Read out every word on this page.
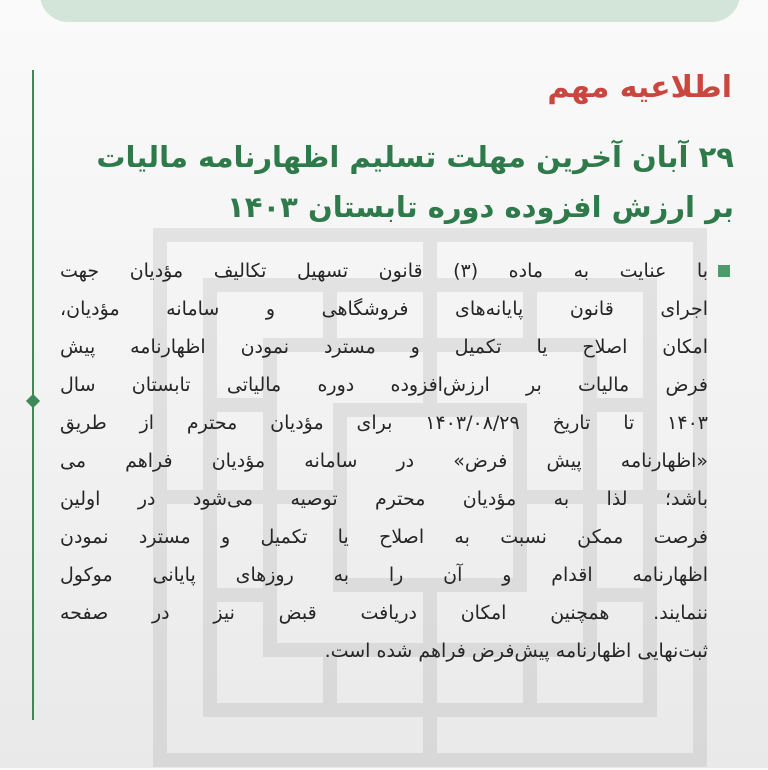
اطلاعیه مهم
۲۹ آبان آخرین مهلت تسلیم اظهارنامه مالیات
بر ارزش افزوده دوره تابستان ۱۴۰۳

با عنایت به ماده (۳) قانون تسهیل تکالیف مؤدیان جهت
اجرای قانون پایانه‌های فروشگاهی و سامانه مؤدیان،
امکان اصلاح یا تکمیل و مسترد نمودن اظهارنامه پیش
فرض مالیات بر ارزش‌افزوده دوره مالیاتی تابستان سال
۱۴۰۳ تا تاریخ ۱۴۰۳/۰۸/۲۹ برای مؤدیان محترم از طریق
«اظهارنامه پیش فرض» در سامانه مؤدیان فراهم می
باشد؛ لذا به مؤدیان محترم توصیه می‌شود در اولین
فرصت ممکن نسبت به اصلاح یا تکمیل و مسترد نمودن
اظهارنامه اقدام و آن را به روزهای پایانی موکول
ننمایند. همچنین امکان دریافت قبض نیز در صفحه
ثبت‌نهایی اظهارنامه پیش‌فرض فراهم شده است.
